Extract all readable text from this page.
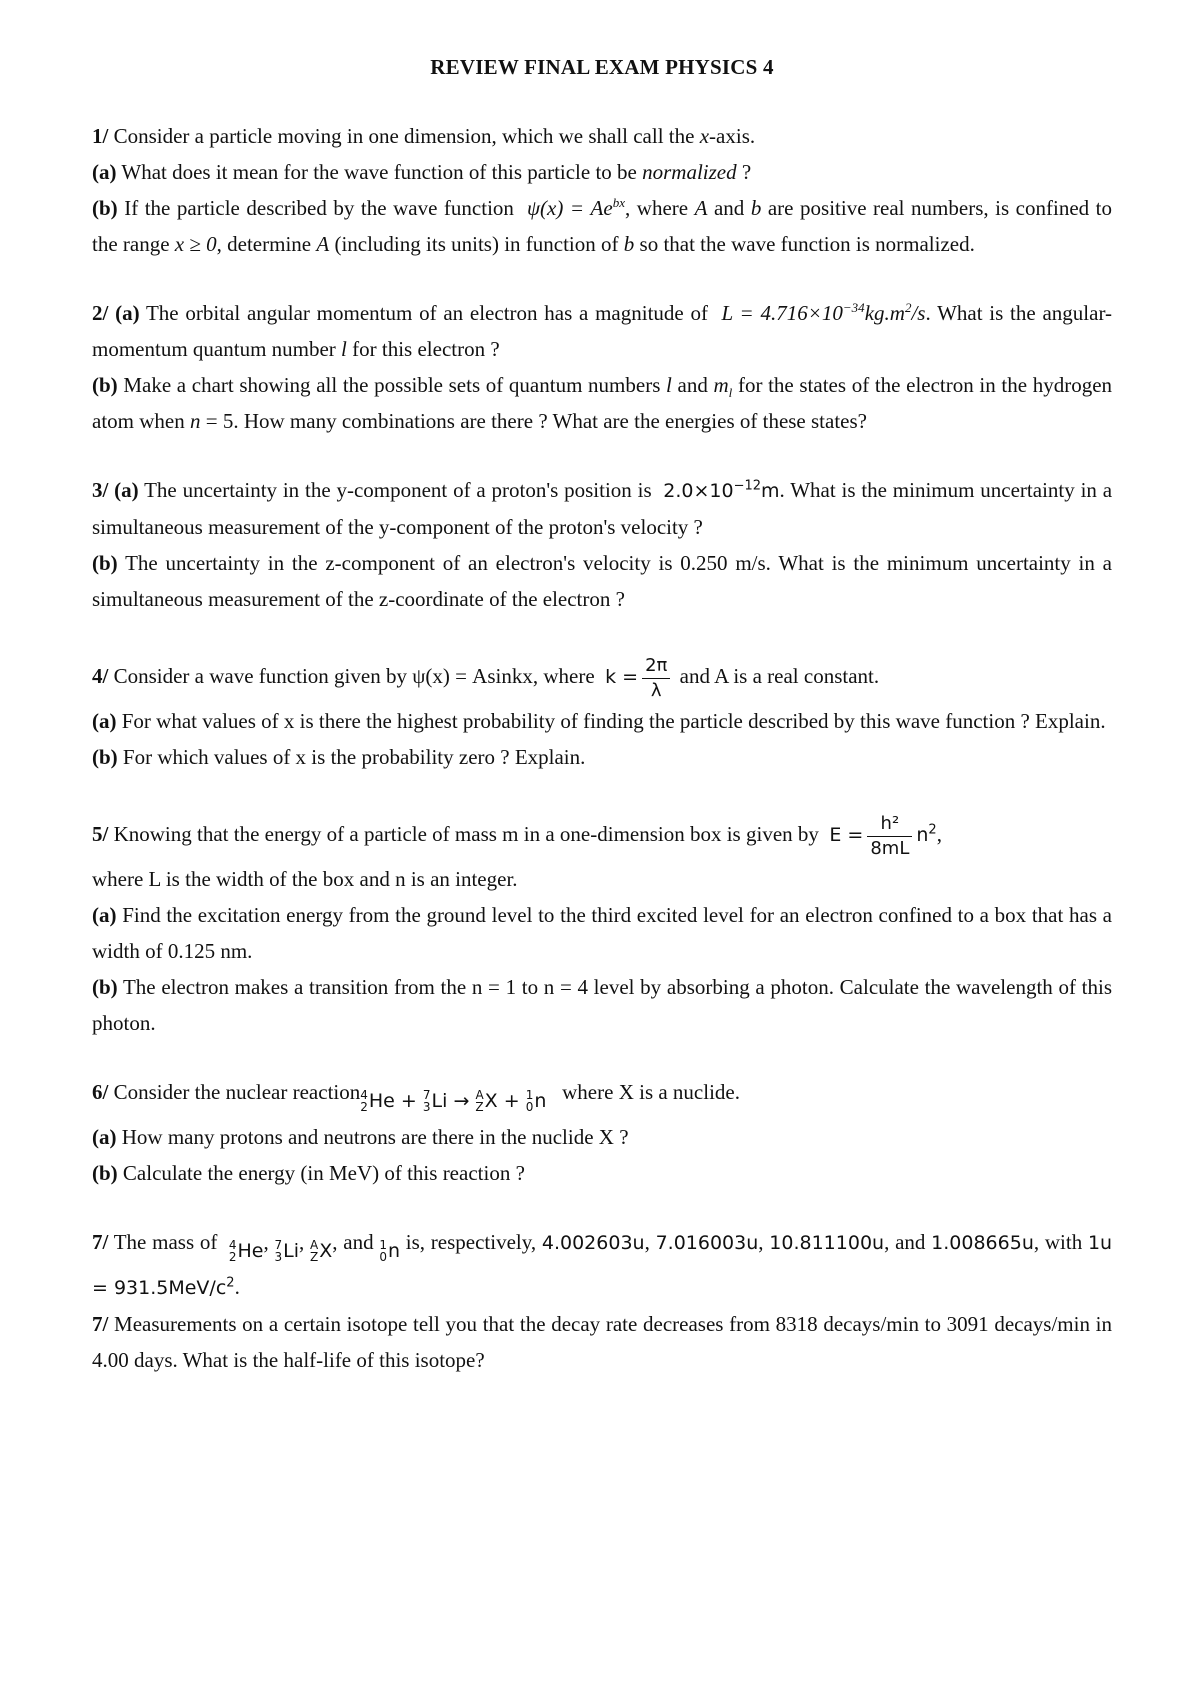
REVIEW FINAL EXAM PHYSICS 4

1/ Consider a particle moving in one dimension, which we shall call the x-axis.

(a) What does it mean for the wave function of this particle to be normalized ?

(b) If the particle described by the wave function $\psi(x) = Ae^{bx}$, where A and b are positive real numbers, is confined to the range x ≥ 0, determine A (including its units) in function of b so that the wave function is normalized.

2/ (a) The orbital angular momentum of an electron has a magnitude of $L = 4.716\times 10^{-34}kg.m^2/s$. What is the angular-momentum quantum number l for this electron ?

(b) Make a chart showing all the possible sets of quantum numbers l and $m_l$ for the states of the electron in the hydrogen atom when n = 5. How many combinations are there ? What are the energies of these states?

3/ (a) The uncertainty in the y-component of a proton's position is $2.0\times 10^{-12}m$. What is the minimum uncertainty in a simultaneous measurement of the y-component of the proton's velocity ?

(b) The uncertainty in the z-component of an electron's velocity is 0.250 m/s. What is the minimum uncertainty in a simultaneous measurement of the z-coordinate of the electron ?

4/ Consider a wave function given by ψ(x) = Asinkx, where $k = \frac{2\pi}{\lambda}$ and A is a real constant.

(a) For what values of x is there the highest probability of finding the particle described by this wave function ? Explain.

(b) For which values of x is the probability zero ? Explain.

5/ Knowing that the energy of a particle of mass m in a one-dimension box is given by $E = \frac{\text{h²}}{8mL} n^2$,

where L is the width of the box and n is an integer.

(a) Find the excitation energy from the ground level to the third excited level for an electron confined to a box that has a width of 0.125 nm.

(b) The electron makes a transition from the n = 1 to n = 4 level by absorbing a photon. Calculate the wavelength of this photon.

6/ Consider the nuclear reaction 4
2 He
+
7
3 Li
→
A
Z X
+
1
0 n where X is a nuclide.

(a) How many protons and neutrons are there in the nuclide X ?

(b) Calculate the energy (in MeV) of this reaction ?

7/ The mass of 4
2 He , 7
3 Li , A
Z X , and 1
0 n is, respectively, 4.002603u, 7.016003u, 10.811100u, and 1.008665u, with $1u = 931.5MeV/c^2$.

7/ Measurements on a certain isotope tell you that the decay rate decreases from 8318 decays/min to 3091 decays/min in 4.00 days. What is the half-life of this isotope?
